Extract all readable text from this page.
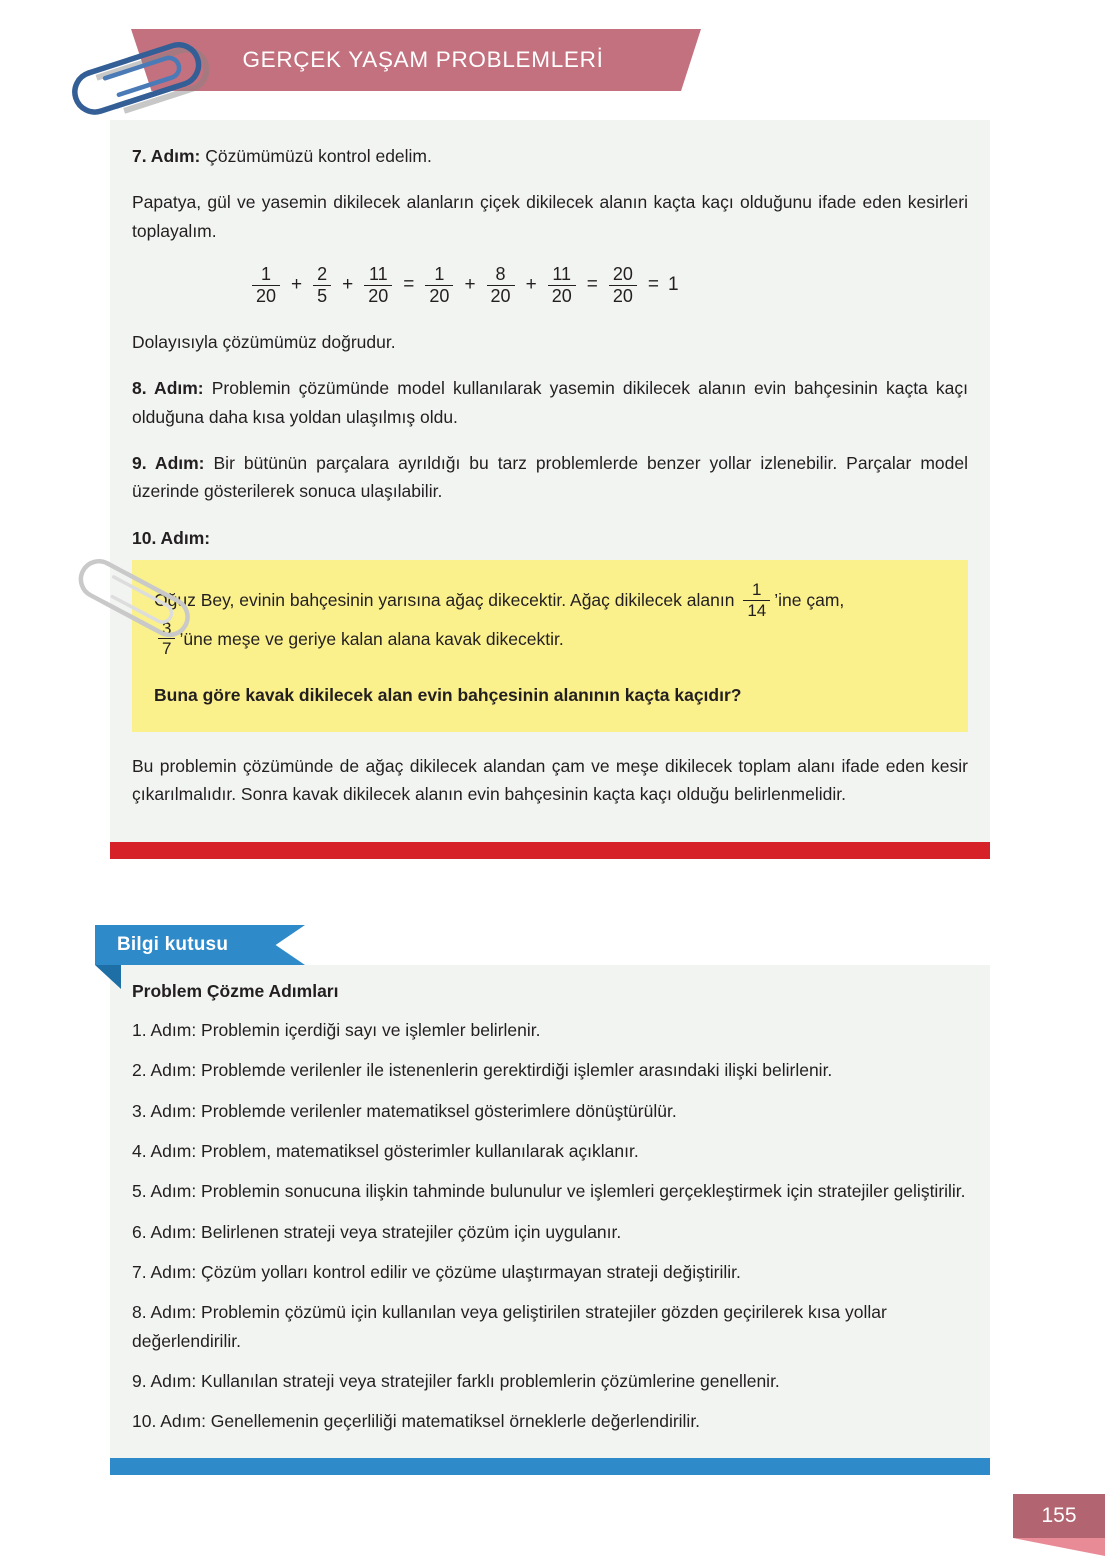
GERÇEK YAŞAM PROBLEMLERİ

7. Adım: Çözümümüzü kontrol edelim.

Papatya, gül ve yasemin dikilecek alanların çiçek dikilecek alanın kaçta kaçı olduğunu ifade eden kesirleri toplayalım.

$\frac{1}{20} + \frac{2}{5} + \frac{11}{20} = \frac{1}{20} + \frac{8}{20} + \frac{11}{20} = \frac{20}{20} = 1$

Dolayısıyla çözümümüz doğrudur.

8. Adım: Problemin çözümünde model kullanılarak yasemin dikilecek alanın evin bahçesinin kaçta kaçı olduğuna daha kısa yoldan ulaşılmış oldu.

9. Adım: Bir bütünün parçalara ayrıldığı bu tarz problemlerde benzer yollar izlenebilir. Parçalar model üzerinde gösterilerek sonuca ulaşılabilir.

10. Adım:

Oğuz Bey, evinin bahçesinin yarısına ağaç dikecektir. Ağaç dikilecek alanın $\frac{1}{14}$ ’ine çam,

$\frac{3}{7}$ ’üne meşe ve geriye kalan alana kavak dikecektir.

Buna göre kavak dikilecek alan evin bahçesinin alanının kaçta kaçıdır?

Bu problemin çözümünde de ağaç dikilecek alandan çam ve meşe dikilecek toplam alanı ifade eden kesir çıkarılmalıdır. Sonra kavak dikilecek alanın evin bahçesinin kaçta kaçı olduğu belirlenmelidir.

Bilgi kutusu
Problem Çözme Adımları

1. Adım: Problemin içerdiği sayı ve işlemler belirlenir.

2. Adım: Problemde verilenler ile istenenlerin gerektirdiği işlemler arasındaki ilişki belirlenir.

3. Adım: Problemde verilenler matematiksel gösterimlere dönüştürülür.

4. Adım: Problem, matematiksel gösterimler kullanılarak açıklanır.

5. Adım: Problemin sonucuna ilişkin tahminde bulunulur ve işlemleri gerçekleştirmek için stratejiler geliştirilir.

6. Adım: Belirlenen strateji veya stratejiler çözüm için uygulanır.

7. Adım: Çözüm yolları kontrol edilir ve çözüme ulaştırmayan strateji değiştirilir.

8. Adım: Problemin çözümü için kullanılan veya geliştirilen stratejiler gözden geçirilerek kısa yollar değerlendirilir.

9. Adım: Kullanılan strateji veya stratejiler farklı problemlerin çözümlerine genellenir.

10. Adım: Genellemenin geçerliliği matematiksel örneklerle değerlendirilir.

155
